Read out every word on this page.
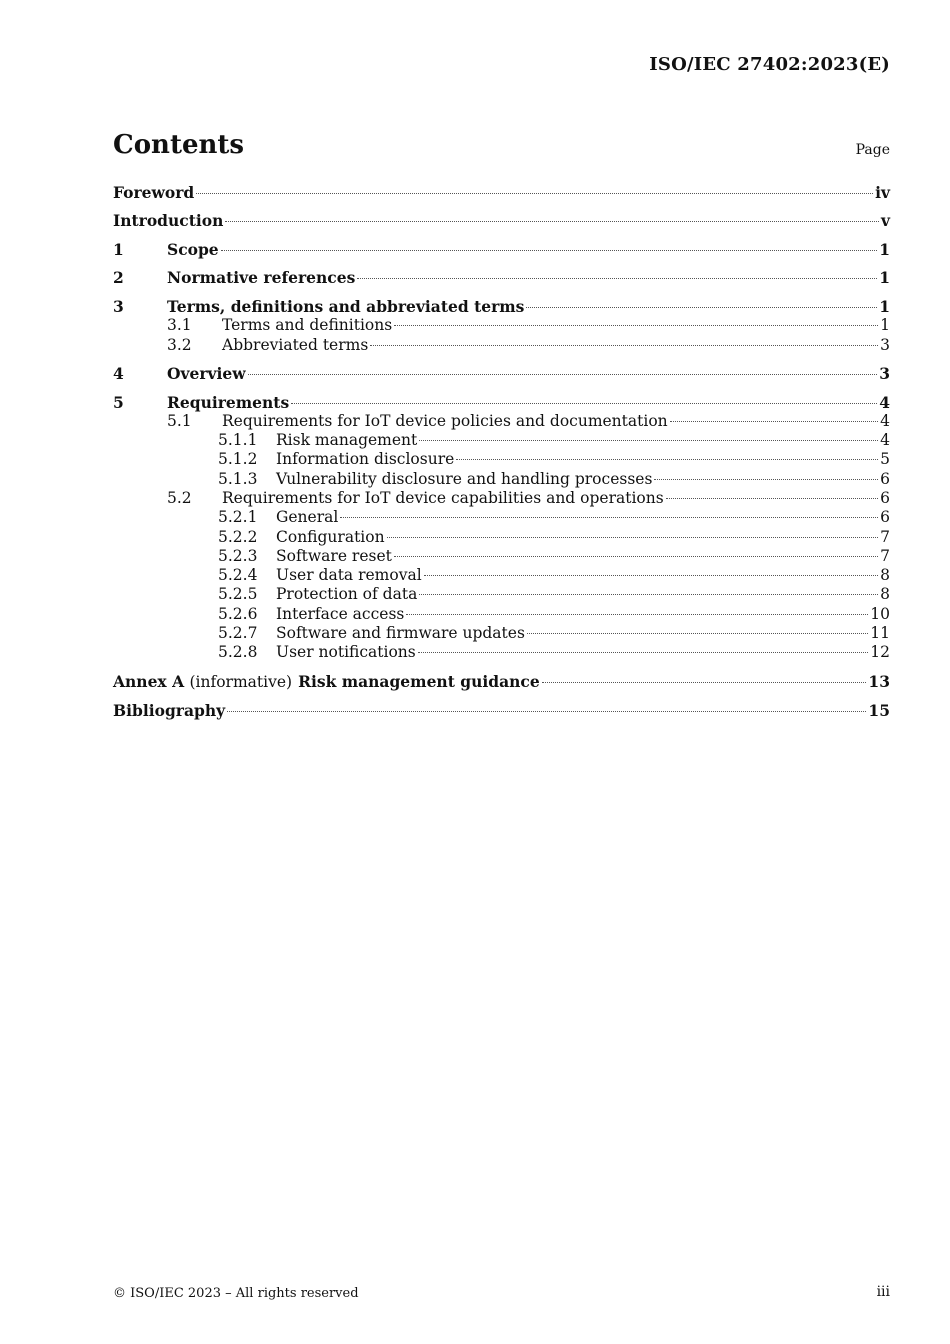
ISO/IEC 27402:2023(E)
Contents	Page
Foreword	iv
Introduction	v
1	Scope	1
2	Normative references	1
3	Terms, definitions and abbreviated terms	1
3.1	Terms and definitions	1
3.2	Abbreviated terms	3
4	Overview	3
5	Requirements	4
5.1	Requirements for IoT device policies and documentation	4
5.1.1	Risk management	4
5.1.2	Information disclosure	5
5.1.3	Vulnerability disclosure and handling processes	6
5.2	Requirements for IoT device capabilities and operations	6
5.2.1	General	6
5.2.2	Configuration	7
5.2.3	Software reset	7
5.2.4	User data removal	8
5.2.5	Protection of data	8
5.2.6	Interface access	10
5.2.7	Software and firmware updates	11
5.2.8	User notifications	12
Annex A (informative) Risk management guidance	13
Bibliography	15
© ISO/IEC 2023 – All rights reserved	iii
